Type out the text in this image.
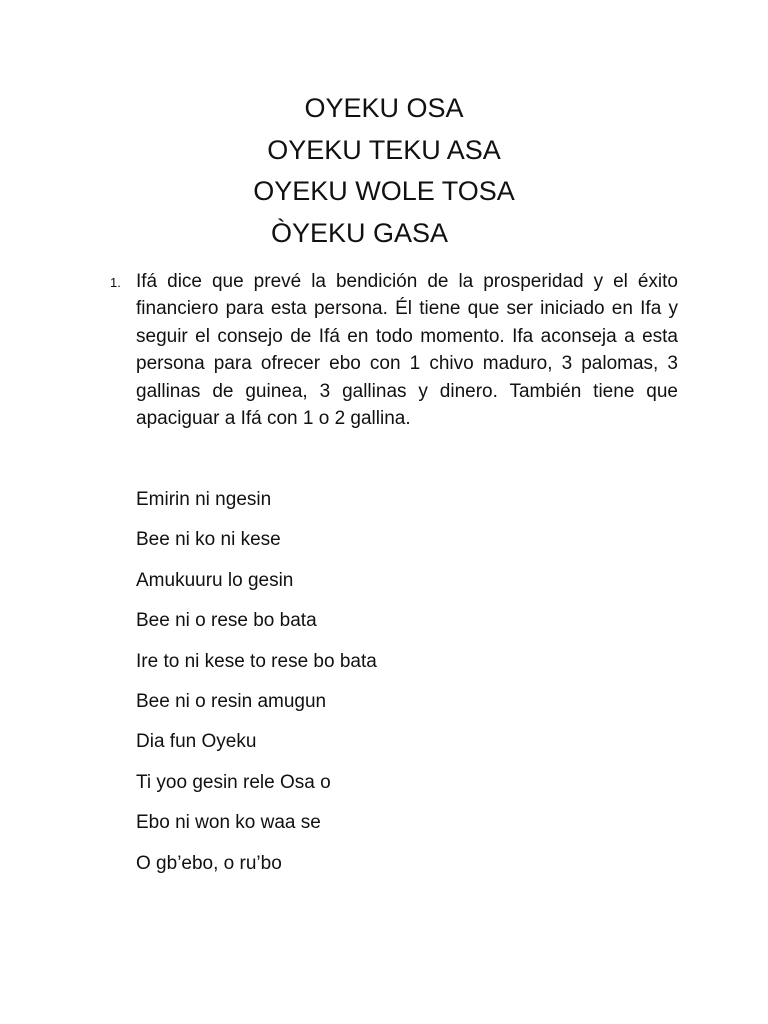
OYEKU OSA
OYEKU TEKU ASA
OYEKU WOLE TOSA
ÒYEKU GASA
1. Ifá dice que prevé la bendición de la prosperidad y el éxito financiero para esta persona. Él tiene que ser iniciado en Ifa y seguir el consejo de Ifá en todo momento. Ifa aconseja a esta persona para ofrecer ebo con 1 chivo maduro, 3 palomas, 3 gallinas de guinea, 3 gallinas y dinero. También tiene que apaciguar a Ifá con 1 o 2 gallina.
Emirin ni ngesin
Bee ni ko ni kese
Amukuuru lo gesin
Bee ni o rese bo bata
Ire to ni kese to rese bo bata
Bee ni o resin amugun
Dia fun Oyeku
Ti yoo gesin rele Osa o
Ebo ni won ko waa se
O gb’ebo, o ru’bo
